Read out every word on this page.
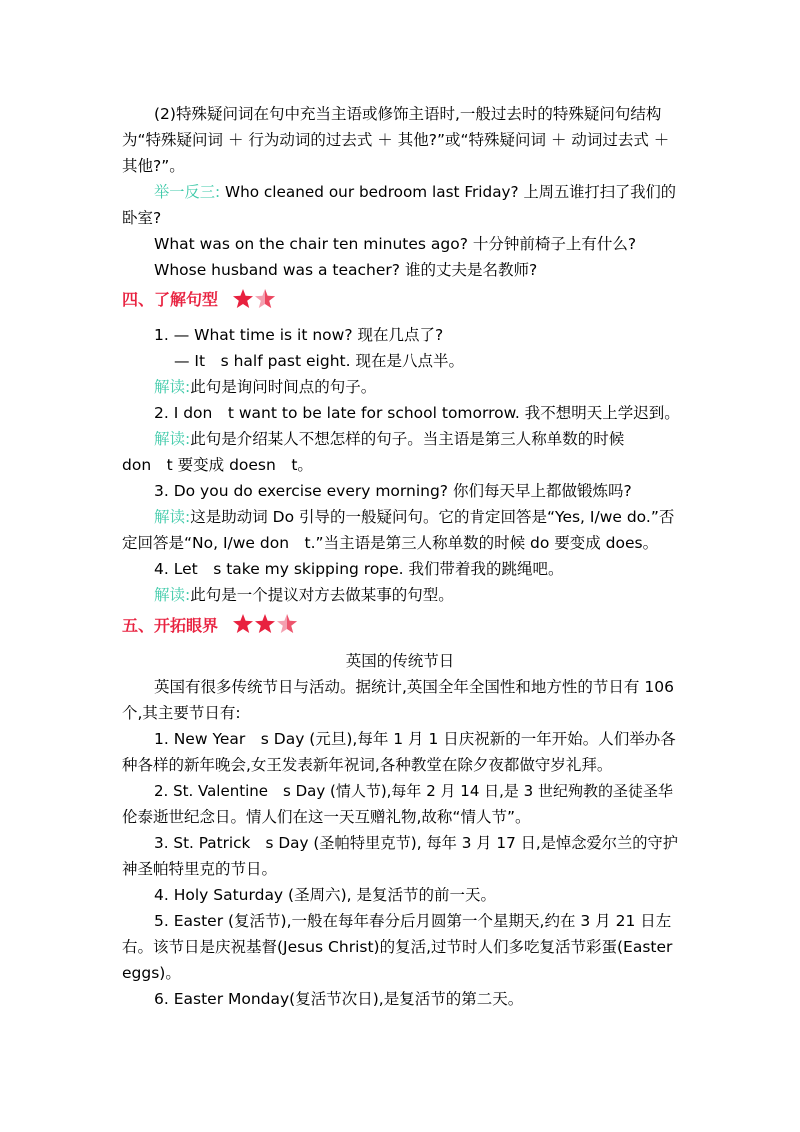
(2)特殊疑问词在句中充当主语或修饰主语时,一般过去时的特殊疑问句结构
为“特殊疑问词 ＋ 行为动词的过去式 ＋ 其他?”或“特殊疑问词 ＋ 动词过去式 ＋
其他?”。
举一反三: Who cleaned our bedroom last Friday? 上周五谁打扫了我们的
卧室?
What was on the chair ten minutes ago? 十分钟前椅子上有什么?
Whose husband was a teacher? 谁的丈夫是名教师?
四、了解句型
1. — What time is it now? 现在几点了?
— It　s half past eight. 现在是八点半。
解读:此句是询问时间点的句子。
2. I don　t want to be late for school tomorrow. 我不想明天上学迟到。
解读:此句是介绍某人不想怎样的句子。当主语是第三人称单数的时候
don　t 要变成 doesn　t。
3. Do you do exercise every morning? 你们每天早上都做锻炼吗?
解读:这是助动词 Do 引导的一般疑问句。它的肯定回答是“Yes, I/we do.”否
定回答是“No, I/we don　t.”当主语是第三人称单数的时候 do 要变成 does。
4. Let　s take my skipping rope. 我们带着我的跳绳吧。
解读:此句是一个提议对方去做某事的句型。
五、开拓眼界
英国的传统节日
英国有很多传统节日与活动。据统计,英国全年全国性和地方性的节日有 106
个,其主要节日有:
1. New Year　s Day (元旦),每年 1 月 1 日庆祝新的一年开始。人们举办各
种各样的新年晚会,女王发表新年祝词,各种教堂在除夕夜都做守岁礼拜。
2. St. Valentine　s Day (情人节),每年 2 月 14 日,是 3 世纪殉教的圣徒圣华
伦泰逝世纪念日。情人们在这一天互赠礼物,故称“情人节”。
3. St. Patrick　s Day (圣帕特里克节), 每年 3 月 17 日,是悼念爱尔兰的守护
神圣帕特里克的节日。
4. Holy Saturday (圣周六), 是复活节的前一天。
5. Easter (复活节),一般在每年春分后月圆第一个星期天,约在 3 月 21 日左
右。该节日是庆祝基督(Jesus Christ)的复活,过节时人们多吃复活节彩蛋(Easter
eggs)。
6. Easter Monday(复活节次日),是复活节的第二天。
